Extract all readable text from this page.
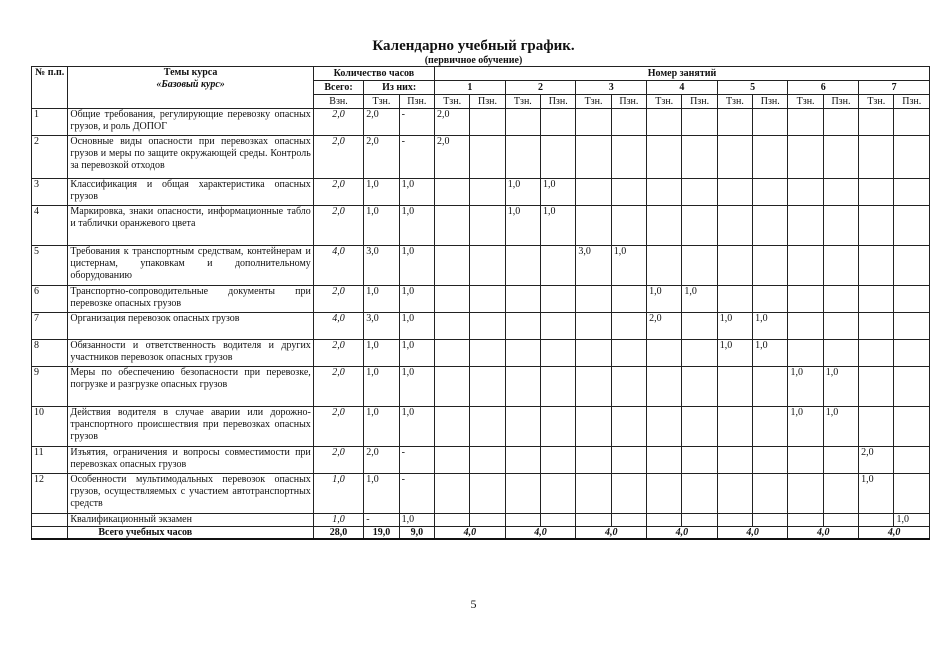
Календарно учебный график.
(первичное обучение)
№ п.п.	Темы курса
«Базовый курс»	Количество часов			Номер занятий													
		Всего:	Из них:		1		2		3		4		5		6		7	
		Взн.	Тзн.	Пзн.	Тзн.	Пзн.	Тзн.	Пзн.	Тзн.	Пзн.	Тзн.	Пзн.	Тзн.	Пзн.	Тзн.	Пзн.	Тзн.	Пзн.
1	Общие требования, регулирующие перевозку опасных грузов, и роль ДОПОГ	2,0	2,0	-	2,0													
2	Основные виды опасности при перевозках опасных грузов и меры по защите окружающей среды. Контроль за перевозкой отходов	2,0	2,0	-	2,0													
3	Классификация и общая характеристика опасных грузов	2,0	1,0	1,0			1,0	1,0										
4	Маркировка, знаки опасности, информационные табло и таблички оранжевого цвета	2,0	1,0	1,0			1,0	1,0										
5	Требования к транспортным средствам, контейнерам и цистернам, упаковкам и дополнительному оборудованию	4,0	3,0	1,0					3,0	1,0								
6	Транспортно-сопроводительные документы при перевозке опасных грузов	2,0	1,0	1,0							1,0	1,0						
7	Организация перевозок опасных грузов	4,0	3,0	1,0							2,0		1,0	1,0				
8	Обязанности и ответственность водителя и других участников перевозок опасных грузов	2,0	1,0	1,0									1,0	1,0				
9	Меры по обеспечению безопасности при перевозке, погрузке и разгрузке опасных грузов	2,0	1,0	1,0											1,0	1,0		
10	Действия водителя в случае аварии или дорожно-транспортного происшествия при перевозках опасных грузов	2,0	1,0	1,0											1,0	1,0		
11	Изъятия, ограничения и вопросы совместимости при перевозках опасных грузов	2,0	2,0	-													2,0	
12	Особенности мультимодальных перевозок опасных грузов, осуществляемых с участием автотранспортных средств	1,0	1,0	-													1,0	
	Квалификационный экзамен	1,0	-	1,0														1,0
	Всего учебных часов	28,0	19,0	9,0	4,0		4,0		4,0		4,0		4,0		4,0		4,0	
5
